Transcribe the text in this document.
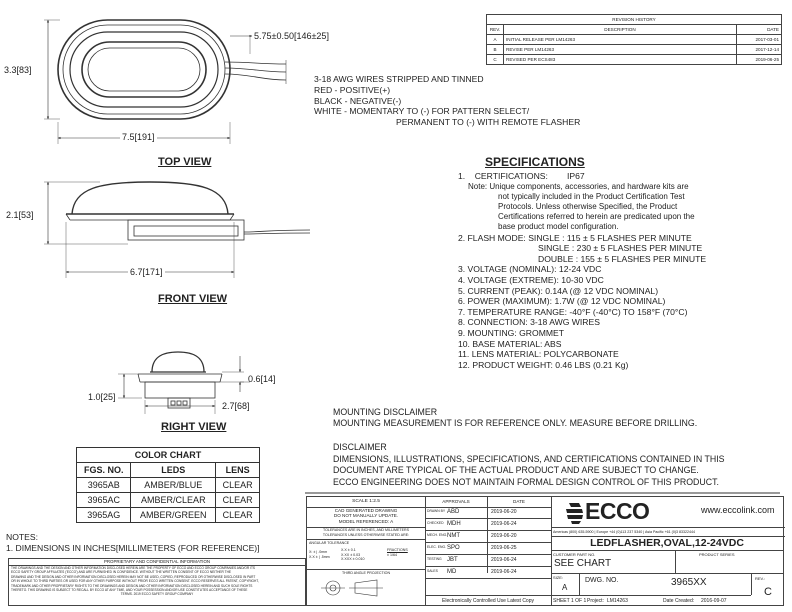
REVISION HISTORY		
REV.	DESCRIPTION	DATE
A	INITIAL RELEASE PER LM14263	2017-03-01
B	REVISE PER LM14263	2017-12-14
C	REVISED PER ECS483	2019-06-25
3.3[83]
7.5[191]
5.75±0.50[146±25]
2.1[53]
6.7[171]
1.0[25]
0.6[14]
2.7[68]
TOP VIEW
FRONT VIEW
RIGHT VIEW
3-18 AWG WIRES STRIPPED AND TINNED
RED - POSITIVE(+)
BLACK - NEGATIVE(-)
WHITE - MOMENTARY TO (-) FOR PATTERN SELECT/
PERMANENT TO (-) WITH REMOTE FLASHER
SPECIFICATIONS
1.    CERTIFICATIONS:        IP67
Note: Unique components, accessories, and hardware kits are
not typically included in the Product Certification Test
Protocols. Unless otherwise Specified, the Product
Certifications referred to herein are predicated upon the
base product model configuration.
2. FLASH MODE: SINGLE : 115 ± 5 FLASHES PER MINUTE
SINGLE : 230 ± 5 FLASHES PER MINUTE
DOUBLE : 155 ± 5 FLASHES PER MINUTE
3. VOLTAGE (NOMINAL): 12-24 VDC
4. VOLTAGE (EXTREME): 10-30 VDC
5. CURRENT (PEAK): 0.14A (@ 12 VDC NOMINAL)
6. POWER (MAXIMUM): 1.7W (@ 12 VDC NOMINAL)
7. TEMPERATURE RANGE: -40°F (-40°C) TO 158°F (70°C)
8. CONNECTION: 3-18 AWG WIRES
9. MOUNTING: GROMMET
10. BASE MATERIAL: ABS
11. LENS MATERIAL: POLYCARBONATE
12. PRODUCT WEIGHT: 0.46 LBS (0.21 Kg)
COLOR CHART		
FGS. NO.	LEDS	LENS
3965AB	AMBER/BLUE	CLEAR
3965AC	AMBER/CLEAR	CLEAR
3965AG	AMBER/GREEN	CLEAR
NOTES:
1. DIMENSIONS IN INCHES[MILLIMETERS (FOR REFERENCE)]
MOUNTING DISCLAIMER
MOUNTING MEASUREMENT IS FOR REFERENCE ONLY. MEASURE BEFORE DRILLING.
DISCLAIMER
DIMENSIONS, ILLUSTRATIONS, SPECIFICATIONS, AND CERTIFICATIONS CONTAINED IN THIS
DOCUMENT ARE TYPICAL OF THE ACTUAL PRODUCT AND ARE SUBJECT TO CHANGE.
ECCO ENGINEERING DOES NOT MAINTAIN FORMAL DESIGN CONTROL OF THIS PRODUCT.
PROPRIETARY AND CONFIDENTIAL INFORMATION
THE DRAWINGS AND THE DESIGN AND OTHER INFORMATION DISCLOSED HEREIN ARE THE PROPERTY OF ECCO AND ECCO GROUP COMPANIES AND/OR ITS
ECCO SAFETY GROUP AFFILIATES ('ECCO') AND ARE FURNISHED IN CONFIDENCE. WITHOUT THE WRITTEN CONSENT OF ECCO NEITHER THE
DRAWING AND THE DESIGN AND OTHER INFORMATION DISCLOSED HEREIN MAY NOT BE USED, COPIED, REPRODUCED OR OTHERWISE DISCLOSED IN PART
OR IN WHOLE TO THIRD PARTIES OR USED FOR ANY OTHER PURPOSE WITHOUT PRIOR ECCO WRITTEN CONSENT. ECCO RESERVES ALL PATENT, COPYRIGHT,
TRADEMARK AND OTHER PROPRIETARY RIGHTS TO THE DRAWINGS AND DESIGN AND OTHER INFORMATION DISCLOSED HEREIN AND SUCH SOLE RIGHTS
THERETO. THIS DRAWING IS SUBJECT TO RECALL BY ECCO AT ANY TIME, AND YOUR POSSESSION AND/OR USE CONSTITUTES ACCEPTANCE OF THESE
TERMS. 2019 ECCO SAFETY GROUP COMPANY
SCALE 1:2.5
CAD GENERATED DRAWING
DO NOT MANUALLY UPDATE.
MODEL REFERENCED: A
TOLERANCES ARE IN INCHES, AND MILLIMETERS
TOLERANCES UNLESS OTHERWISE STATED ARE:
X: ± | .0mm
X.X ± | .5mm
X.X ± 0.1
X.XX ± 0.03
X.XXX ± 0.010
FRACTIONS
± 1/64
ANGULAR TOLERANCE
THIRD ANGLE PROJECTION
APPROVALS	DATE
DRAWN BY ABD	2019-06-20
CHECKED MDH	2019-06-24
MECH. ENG. NMT	2019-06-20
ELEC. ENG. SPO	2019-06-25
TESTING JBT	2019-06-24
SALES MD	2019-06-24
Electronically Controlled Use Latest Copy
ECCO	www.eccolink.com
Americas (800) 635-5900 | Europe +44 (0)113 237 5340 | Asia Pacific +61 (0)3 83322444
LEDFLASHER,OVAL,12-24VDC
CUSTOMER PART NO.
SEE CHART
PRODUCT SERIES
SIZE:
A
DWG. NO.	3965XX	REV.:
C
SHEET 1 OF 1 Project: LM14263	Date Created: 2016-09-07
